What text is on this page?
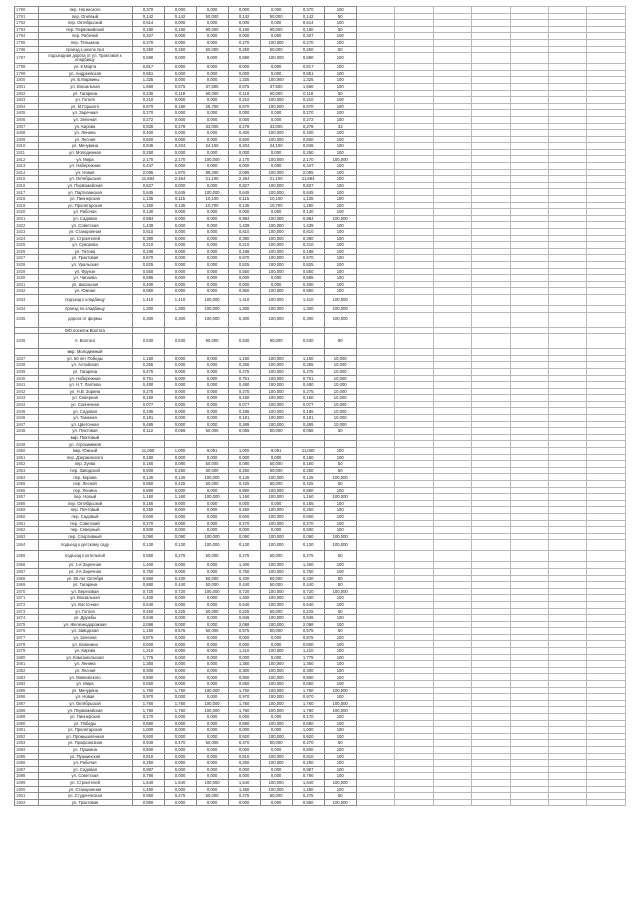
1790	пер. Ногинского	0,370	0,000	0,000	0,000	0,000	0,370	100							
1791	пер. Огнёвый	0,142	0,142	50,000	0,142	50,000	0,142	50							
1792	пер. Октябрьский	0,614	0,000	0,000	0,000	0,000	0,614	100							
1793	пер. Первомайский	0,180	0,180	90,000	0,180	90,000	0,180	50							
1794	пер. Рабочий	0,327	0,000	0,000	0,000	0,000	0,327	100							
1795	пер. Тельмана	0,270	0,000	0,000	0,270	100,000	0,270	100							
1796	проезд к школе №4	0,250	0,250	50,000	0,250	50,000	0,250	50							
1797	подъездная дорога от ул. Трактовой к кладбищу	0,580	0,000	0,000	0,580	100,000	0,580	100							
1798	ул. 8 Марта	0,817	0,000	0,000	0,000	0,000	0,817	100							
1799	ул. Андреевская	0,851	0,000	0,000	0,000	0,000	0,851	100							
1800	ул. Б.Марвины	1,325	0,000	0,000	1,325	100,000	1,325	100							
1801	ул. Вокзальная	1,660	0,675	37,500	0,675	37,500	1,660	100							
1802	ул. Гагарина	0,236	0,118	50,000	0,118	50,000	0,118	50							
1803	ул. Гоголя	0,210	0,000	0,000	0,210	100,000	0,210	100							
1804	ул. М.Горького	0,670	0,180	26,700	0,670	100,000	0,670	100							
1805	ул. Заречная	0,270	0,000	0,000	0,000	0,000	0,270	100							
1806	ул. Зеленая	0,272	0,000	0,000	0,000	0,000	0,272	100							
1807	ул. Кирова	0,830	0,278	33,000	0,278	33,000	0,278	33							
1808	ул. Ленина	0,400	0,000	0,000	0,400	100,000	0,400	100							
1809	ул. Лесная	0,600	0,000	0,000	0,600	100,000	0,600	100							
1810	ул. Мичурина	0,845	0,204	24,100	0,204	24,100	0,845	100							
1811	ул. Молодежная	0,250	0,000	0,000	0,000	0,000	0,250	100							
1812	ул. Мира	2,170	2,170	100,000	2,170	100,000	2,170	100,000							
1813	ул. Набережная	0,447	0,000	0,000	0,000	0,000	0,447	100							
1814	ул. Новая	2,095	1,870	89,200	2,095	100,000	2,095	100							
1815	ул. Октябрьская	11,694	2,464	21,100	2,464	21,100	11,694	100							
1816	ул. Первомайская	0,827	0,000	0,000	0,827	100,000	0,827	100							
1817	ул. Партизанская	0,645	0,645	100,000	0,645	100,000	0,645	100							
1818	ул. Пионерская	1,135	0,115	10,100	0,115	10,100	1,135	100							
1819	ул. Пролетарская	1,260	0,135	10,700	0,135	10,700	1,260	100							
1820	ул. Рабочая	0,130	0,000	0,000	0,000	0,000	0,130	100							
1821	ул. Садовая	0,984	0,000	0,000	0,984	100,000	0,984	100,000							
1822	ул. Советская	1,439	0,000	0,000	1,439	100,000	1,439	100							
1823	ул. Станционная	0,810	0,000	0,000	0,810	100,000	0,810	100							
1824	ул. Строителей	0,390	0,000	0,000	0,390	100,000	0,390	100							
1825	ул. Суворова	0,210	0,000	0,000	0,210	100,000	0,210	100							
1826	ул. Титова	0,188	0,000	0,000	0,188	100,000	0,188	100							
1827	ул. Трактовая	0,670	0,000	0,000	0,670	100,000	0,670	100							
1828	ул. Уральская	0,825	0,000	0,000	0,825	100,000	0,825	100							
1829	ул. Фрунзе	0,550	0,000	0,000	0,550	100,000	0,550	100							
1830	ул. Чапаева	0,585	0,000	0,000	0,000	0,000	0,585	100							
1831	ул. Школьная	0,400	0,000	0,000	0,000	0,000	0,400	100							
1832	ул. Южная	0,950	0,000	0,000	0,950	100,000	0,950	100							
1833	подъезд к кладбищу	1,410	1,410	100,000	1,410	100,000	1,410	100,000							
1834	проезд по кладбищу	1,300	1,300	100,000	1,300	100,000	1,300	100,000							
1835	дорога от фермы	0,300	0,300	100,000	0,300	100,000	0,300	100,000							
	МО поселок Вохтога														
1836	п. Вохтога	0,530	0,530	90,000	0,530	90,000	0,530	90							
	мкр. Молодежный														
1837	ул. 50 лет Победы	1,150	0,000	0,000	1,150	100,000	1,150	10,000							
1838	ул. Алтайская	0,265	0,000	0,000	0,265	100,000	0,265	10,000							
1839	ул. Гагарина	0,475	0,000	0,000	0,475	100,000	0,475	10,000							
1840	ул. Набережная	0,751	0,000	0,000	0,751	100,000	0,751	10,000							
1841	ул. Н.Т. Лаптева	0,480	0,000	0,000	0,480	100,000	0,480	10,000							
1842	ул. Н.В. Зорина	0,275	0,000	0,000	0,275	100,000	0,275	10,000							
1843	ул. Северная	0,150	0,000	0,000	0,150	100,000	0,150	10,000							
1844	ул. Солнечная	0,077	0,000	0,000	0,077	100,000	0,077	10,000							
1845	ул. Садовая	0,185	0,000	0,000	0,185	100,000	0,185	10,000							
1846	ул. Таежная	0,181	0,000	0,000	0,181	100,000	0,181	10,000							
1847	ул. Цветочная	0,485	0,000	0,000	0,485	100,000	0,485	10,000							
1848	ул. Пихтовая	0,112	0,056	50,000	0,056	50,000	0,056	50							
	мкр. Пихтовый														
1849	ул. Агрохимиков														
1850	мкр. Южный	11,060	1,000	9,091	1,000	9,091	11,060	100							
1851	пер. Дзержинского	0,180	0,000	0,000	0,000	0,000	0,180	100							
1852	пер. Зуева	0,160	0,080	50,000	0,080	50,000	0,160	50							
1853	пер. Заводской	0,500	0,250	50,000	0,250	50,000	0,250	50							
1854	пер. Кирова	0,125	0,125	100,000	0,125	100,000	0,125	100,000							
1855	пер. Лесной	0,850	0,425	50,000	0,425	50,000	0,425	50							
1856	пер. Ленина	0,860	0,000	0,000	0,860	100,000	0,860	100							
1857	пер. Новый	1,160	1,160	100,000	1,160	100,000	1,160	100,000							
1858	пер. Октябрьский	0,155	0,000	0,000	0,000	0,000	0,155	100							
1859	пер. Почтовый	0,250	0,000	0,000	0,250	100,000	0,250	100							
1860	пер. Садовый	0,600	0,000	0,000	0,600	100,000	0,600	100							
1861	пер. Советский	0,270	0,000	0,000	0,270	100,000	0,270	100							
1862	пер. Северный	0,500	0,000	0,000	0,000	0,000	0,500	100							
1863	пер. Спортивный	0,090	0,090	100,000	0,090	100,000	0,090	100,000							
1864	подъезд к детскому саду	0,130	0,130	100,000	0,130	100,000	0,130	100,000							
1865	подъезд к котельной	0,550	0,275	50,000	0,275	50,000	0,275	50							
1866	ул. 1-я Заречная	1,400	0,000	0,000	1,400	100,000	1,400	100							
1867	ул. 2-я Заречная	0,750	0,000	0,000	0,750	100,000	0,750	100							
1868	ул. 50 лет Октября	0,860	0,430	50,000	0,430	50,000	0,430	50							
1869	ул. Гагарина	0,880	0,440	50,000	0,440	50,000	0,440	50							
1870	ул. Березовая	0,720	0,720	100,000	0,720	100,000	0,720	100,000							
1871	ул. Вокзальная	1,400	0,000	0,000	1,400	100,000	1,400	100							
1872	ул. Восточная	0,540	0,000	0,000	0,540	100,000	0,540	100							
1873	ул. Гоголя	0,450	0,225	50,000	0,225	50,000	0,225	50							
1874	ул. Дружбы	0,846	0,000	0,000	0,846	100,000	0,846	100							
1875	ул. Железнодорожная	2,086	0,000	0,000	2,086	100,000	2,086	100							
1876	ул. Заводская	1,150	0,575	50,000	0,575	50,000	0,575	50							
1877	ул. Зеленая	0,875	0,000	0,000	0,000	0,000	0,875	100							
1878	ул. Калинина	0,600	0,000	0,000	0,000	0,000	0,600	100							
1879	ул. Кирова	1,210	0,000	0,000	1,210	100,000	1,210	100							
1880	ул. Комсомольская	1,775	0,000	0,000	0,000	0,000	1,775	100							
1881	ул. Ленина	1,350	0,000	0,000	1,350	100,000	1,350	100							
1882	ул. Лесная	0,300	0,000	0,000	0,300	100,000	0,300	100							
1883	ул. Маяковского	0,800	0,000	0,000	0,800	100,000	0,800	100							
1884	ул. Мира	0,650	0,000	0,000	0,650	100,000	0,650	100							
1885	ул. Мичурина	1,750	1,750	100,000	1,750	100,000	1,750	100,000							
1886	ул. Новая	0,970	0,000	0,000	0,970	100,000	0,970	100							
1887	ул. Октябрьская	1,760	1,760	100,000	1,760	100,000	1,760	100,000							
1888	ул. Первомайская	1,760	1,760	100,000	1,760	100,000	1,760	100,000							
1889	ул. Пионерская	0,170	0,000	0,000	0,000	0,000	0,170	100							
1890	ул. Победы	0,680	0,000	0,000	0,680	100,000	0,680	100							
1891	ул. Пролетарская	1,000	0,000	0,000	0,000	0,000	1,000	100							
1892	ул. Промышленная	0,920	0,000	0,000	0,920	100,000	0,920	100							
1893	ул. Профсоюзная	0,940	0,470	50,000	0,470	50,000	0,470	50							
1894	ул. Пушкина	0,600	0,000	0,000	0,000	0,000	0,600	100							
1895	ул. Пушкинская	0,810	0,000	0,000	0,810	100,000	0,810	100							
1896	ул. Рабочая	0,250	0,000	0,000	0,250	100,000	0,250	100							
1897	ул. Садовая	0,987	0,000	0,000	0,000	0,000	0,987	100							
1898	ул. Советская	0,790	0,000	0,000	0,000	0,000	0,790	100							
1899	ул. Строителей	1,640	1,640	100,000	1,640	100,000	1,640	100,000							
1900	ул. Станционная	1,450	0,000	0,000	1,450	100,000	1,450	100							
1901	ул. Студенческая	0,950	0,475	50,000	0,475	50,000	0,475	50							
1902	ул. Трактовая	0,960	0,000	0,000	0,000	0,000	0,960	100,000							
